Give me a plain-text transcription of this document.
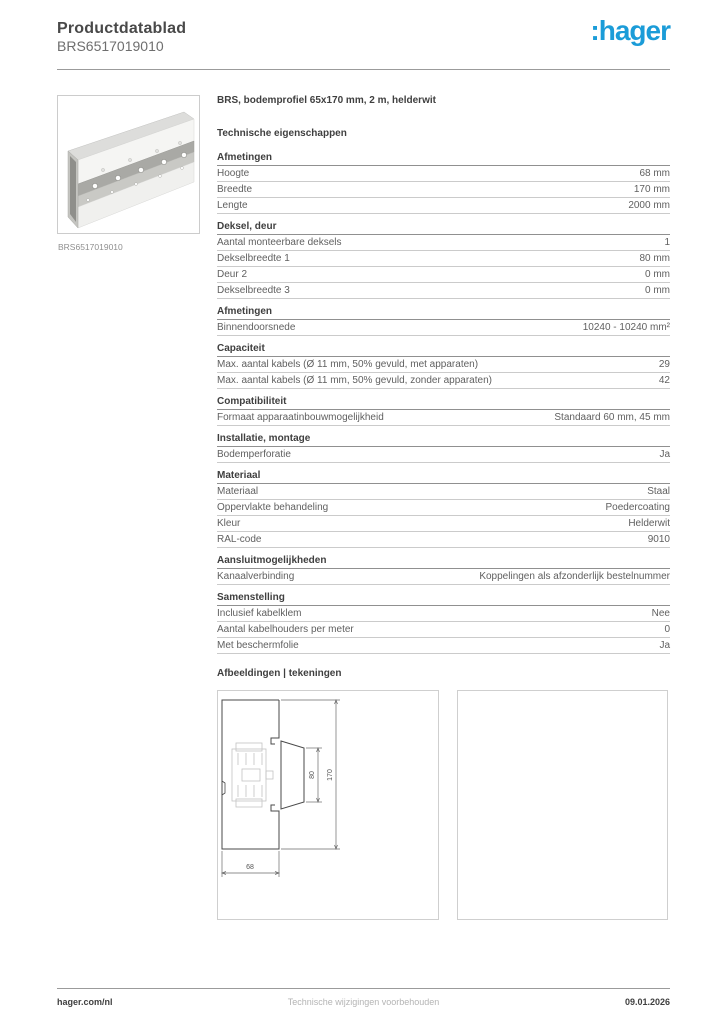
Productdatablad
BRS6517019010	:hager
BRS6517019010
BRS, bodemprofiel 65x170 mm, 2 m, helderwit
Technische eigenschappen
Afmetingen
Hoogte	68 mm
Breedte	170 mm
Lengte	2000 mm
Deksel, deur
Aantal monteerbare deksels	1
Dekselbreedte 1	80 mm
Deur 2	0 mm
Dekselbreedte 3	0 mm
Afmetingen
Binnendoorsnede	10240 - 10240 mm²
Capaciteit
Max. aantal kabels (Ø 11 mm, 50% gevuld, met apparaten)	29
Max. aantal kabels (Ø 11 mm, 50% gevuld, zonder apparaten)	42
Compatibiliteit
Formaat apparaatinbouwmogelijkheid	Standaard 60 mm, 45 mm
Installatie, montage
Bodemperforatie	Ja
Materiaal
Materiaal	Staal
Oppervlakte behandeling	Poedercoating
Kleur	Helderwit
RAL-code	9010
Aansluitmogelijkheden
Kanaalverbinding	Koppelingen als afzonderlijk bestelnummer
Samenstelling
Inclusief kabelklem	Nee
Aantal kabelhouders per meter	0
Met beschermfolie	Ja
Afbeeldingen | tekeningen
80 170
68
hager.com/nl	Technische wijzigingen voorbehouden	09.01.2026
